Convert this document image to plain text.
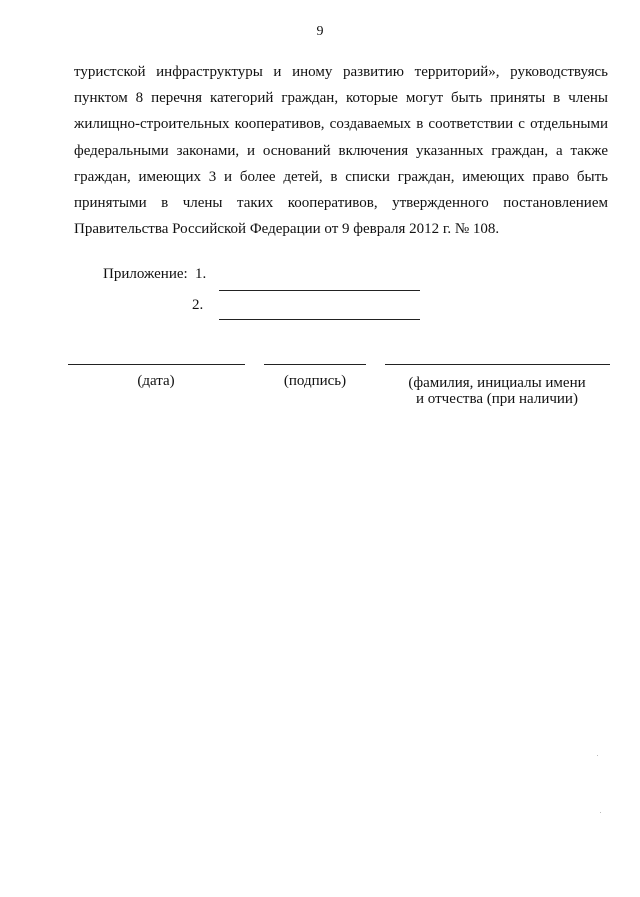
9
туристской инфраструктуры и иному развитию территорий», руководствуясь
пунктом 8 перечня категорий граждан, которые могут быть приняты в члены
жилищно-строительных кооперативов, создаваемых в соответствии с отдельными
федеральными законами, и оснований включения указанных граждан, а также
граждан, имеющих 3 и более детей, в списки граждан, имеющих право быть
принятыми в члены таких кооперативов, утвержденного постановлением
Правительства Российской Федерации от 9 февраля 2012 г. № 108.
Приложение: 1.
2.
(дата)	(подпись)	(фамилия, инициалы имени
и отчества (при наличии)
